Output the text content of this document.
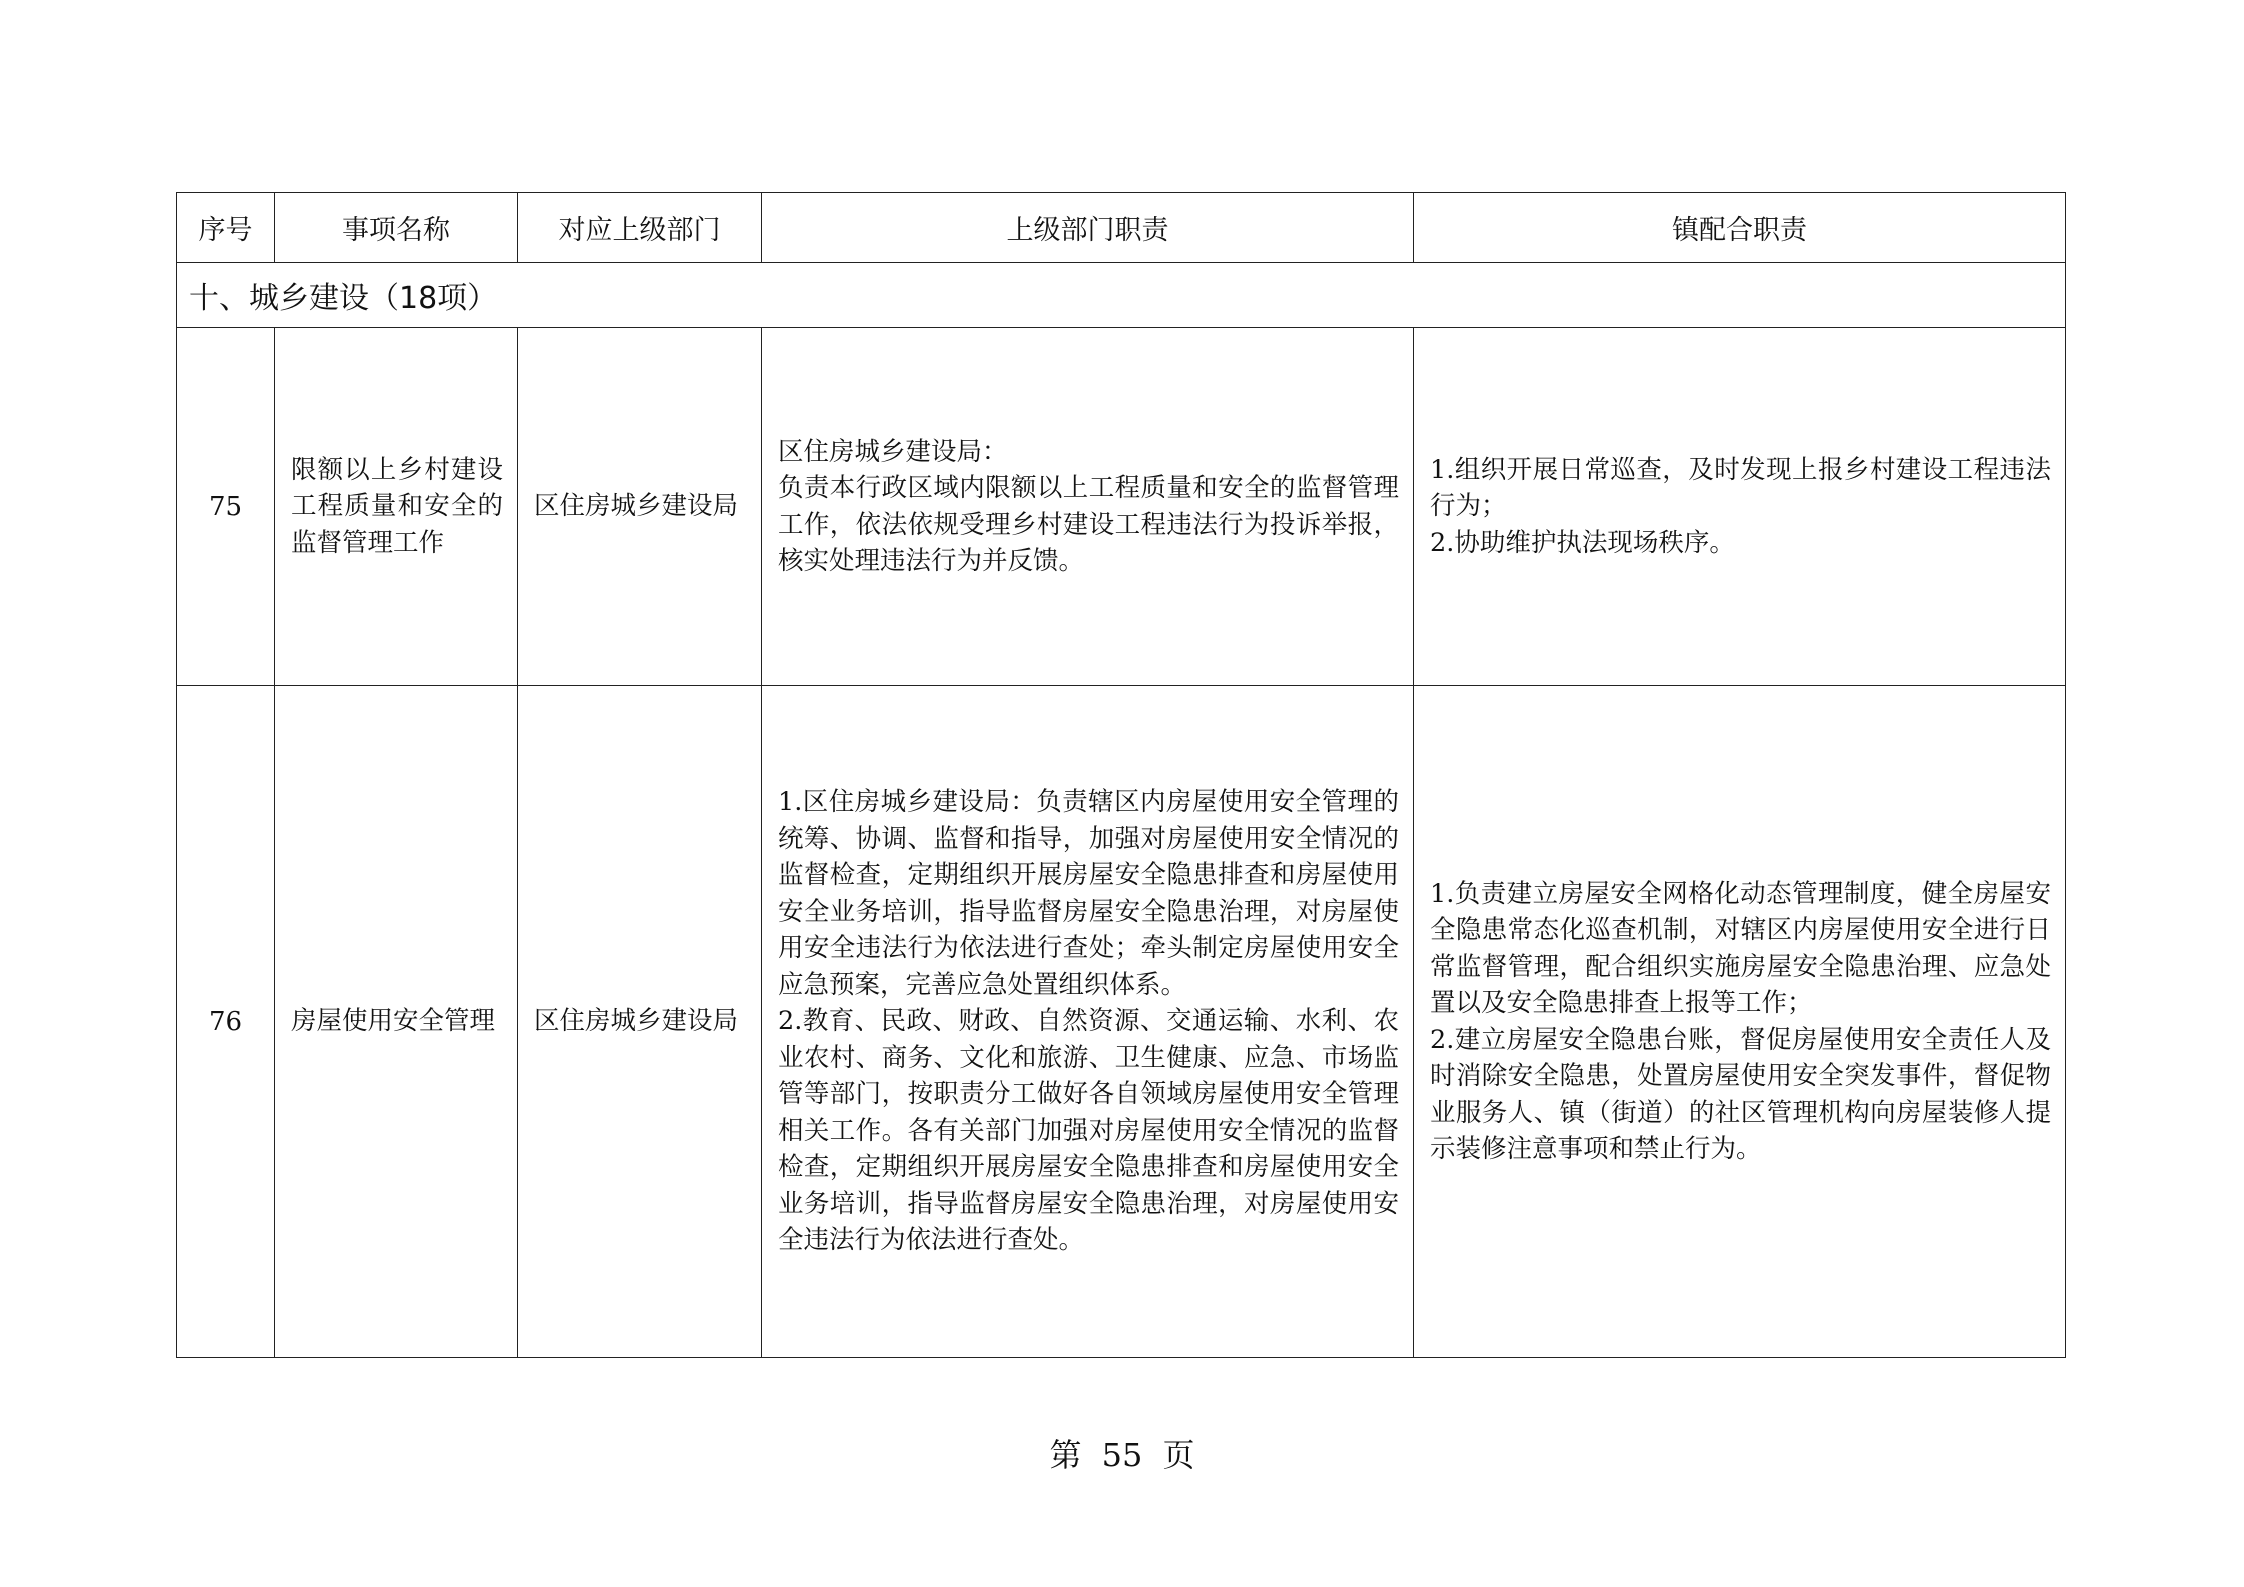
序号	事项名称	对应上级部门	上级部门职责	镇配合职责
十、城乡建设（18项）				
75	限额以上乡村建设工程质量和安全的监督管理工作	区住房城乡建设局	区住房城乡建设局：
负责本行政区域内限额以上工程质量和安全的监督管理工作，依法依规受理乡村建设工程违法行为投诉举报，核实处理违法行为并反馈。	1.组织开展日常巡查，及时发现上报乡村建设工程违法行为；
2.协助维护执法现场秩序。

76	房屋使用安全管理	区住房城乡建设局	1.区住房城乡建设局：负责辖区内房屋使用安全管理的统筹、协调、监督和指导，加强对房屋使用安全情况的监督检查，定期组织开展房屋安全隐患排查和房屋使用安全业务培训，指导监督房屋安全隐患治理，对房屋使用安全违法行为依法进行查处；牵头制定房屋使用安全应急预案，完善应急处置组织体系。
2.教育、民政、财政、自然资源、交通运输、水利、农业农村、商务、文化和旅游、卫生健康、应急、市场监管等部门，按职责分工做好各自领域房屋使用安全管理相关工作。各有关部门加强对房屋使用安全情况的监督检查，定期组织开展房屋安全隐患排查和房屋使用安全业务培训，指导监督房屋安全隐患治理，对房屋使用安全违法行为依法进行查处。	1.负责建立房屋安全网格化动态管理制度，健全房屋安全隐患常态化巡查机制，对辖区内房屋使用安全进行日常监督管理，配合组织实施房屋安全隐患治理、应急处置以及安全隐患排查上报等工作；
2.建立房屋安全隐患台账，督促房屋使用安全责任人及时消除安全隐患，处置房屋使用安全突发事件，督促物业服务人、镇（街道）的社区管理机构向房屋装修人提示装修注意事项和禁止行为。
第 55 页
